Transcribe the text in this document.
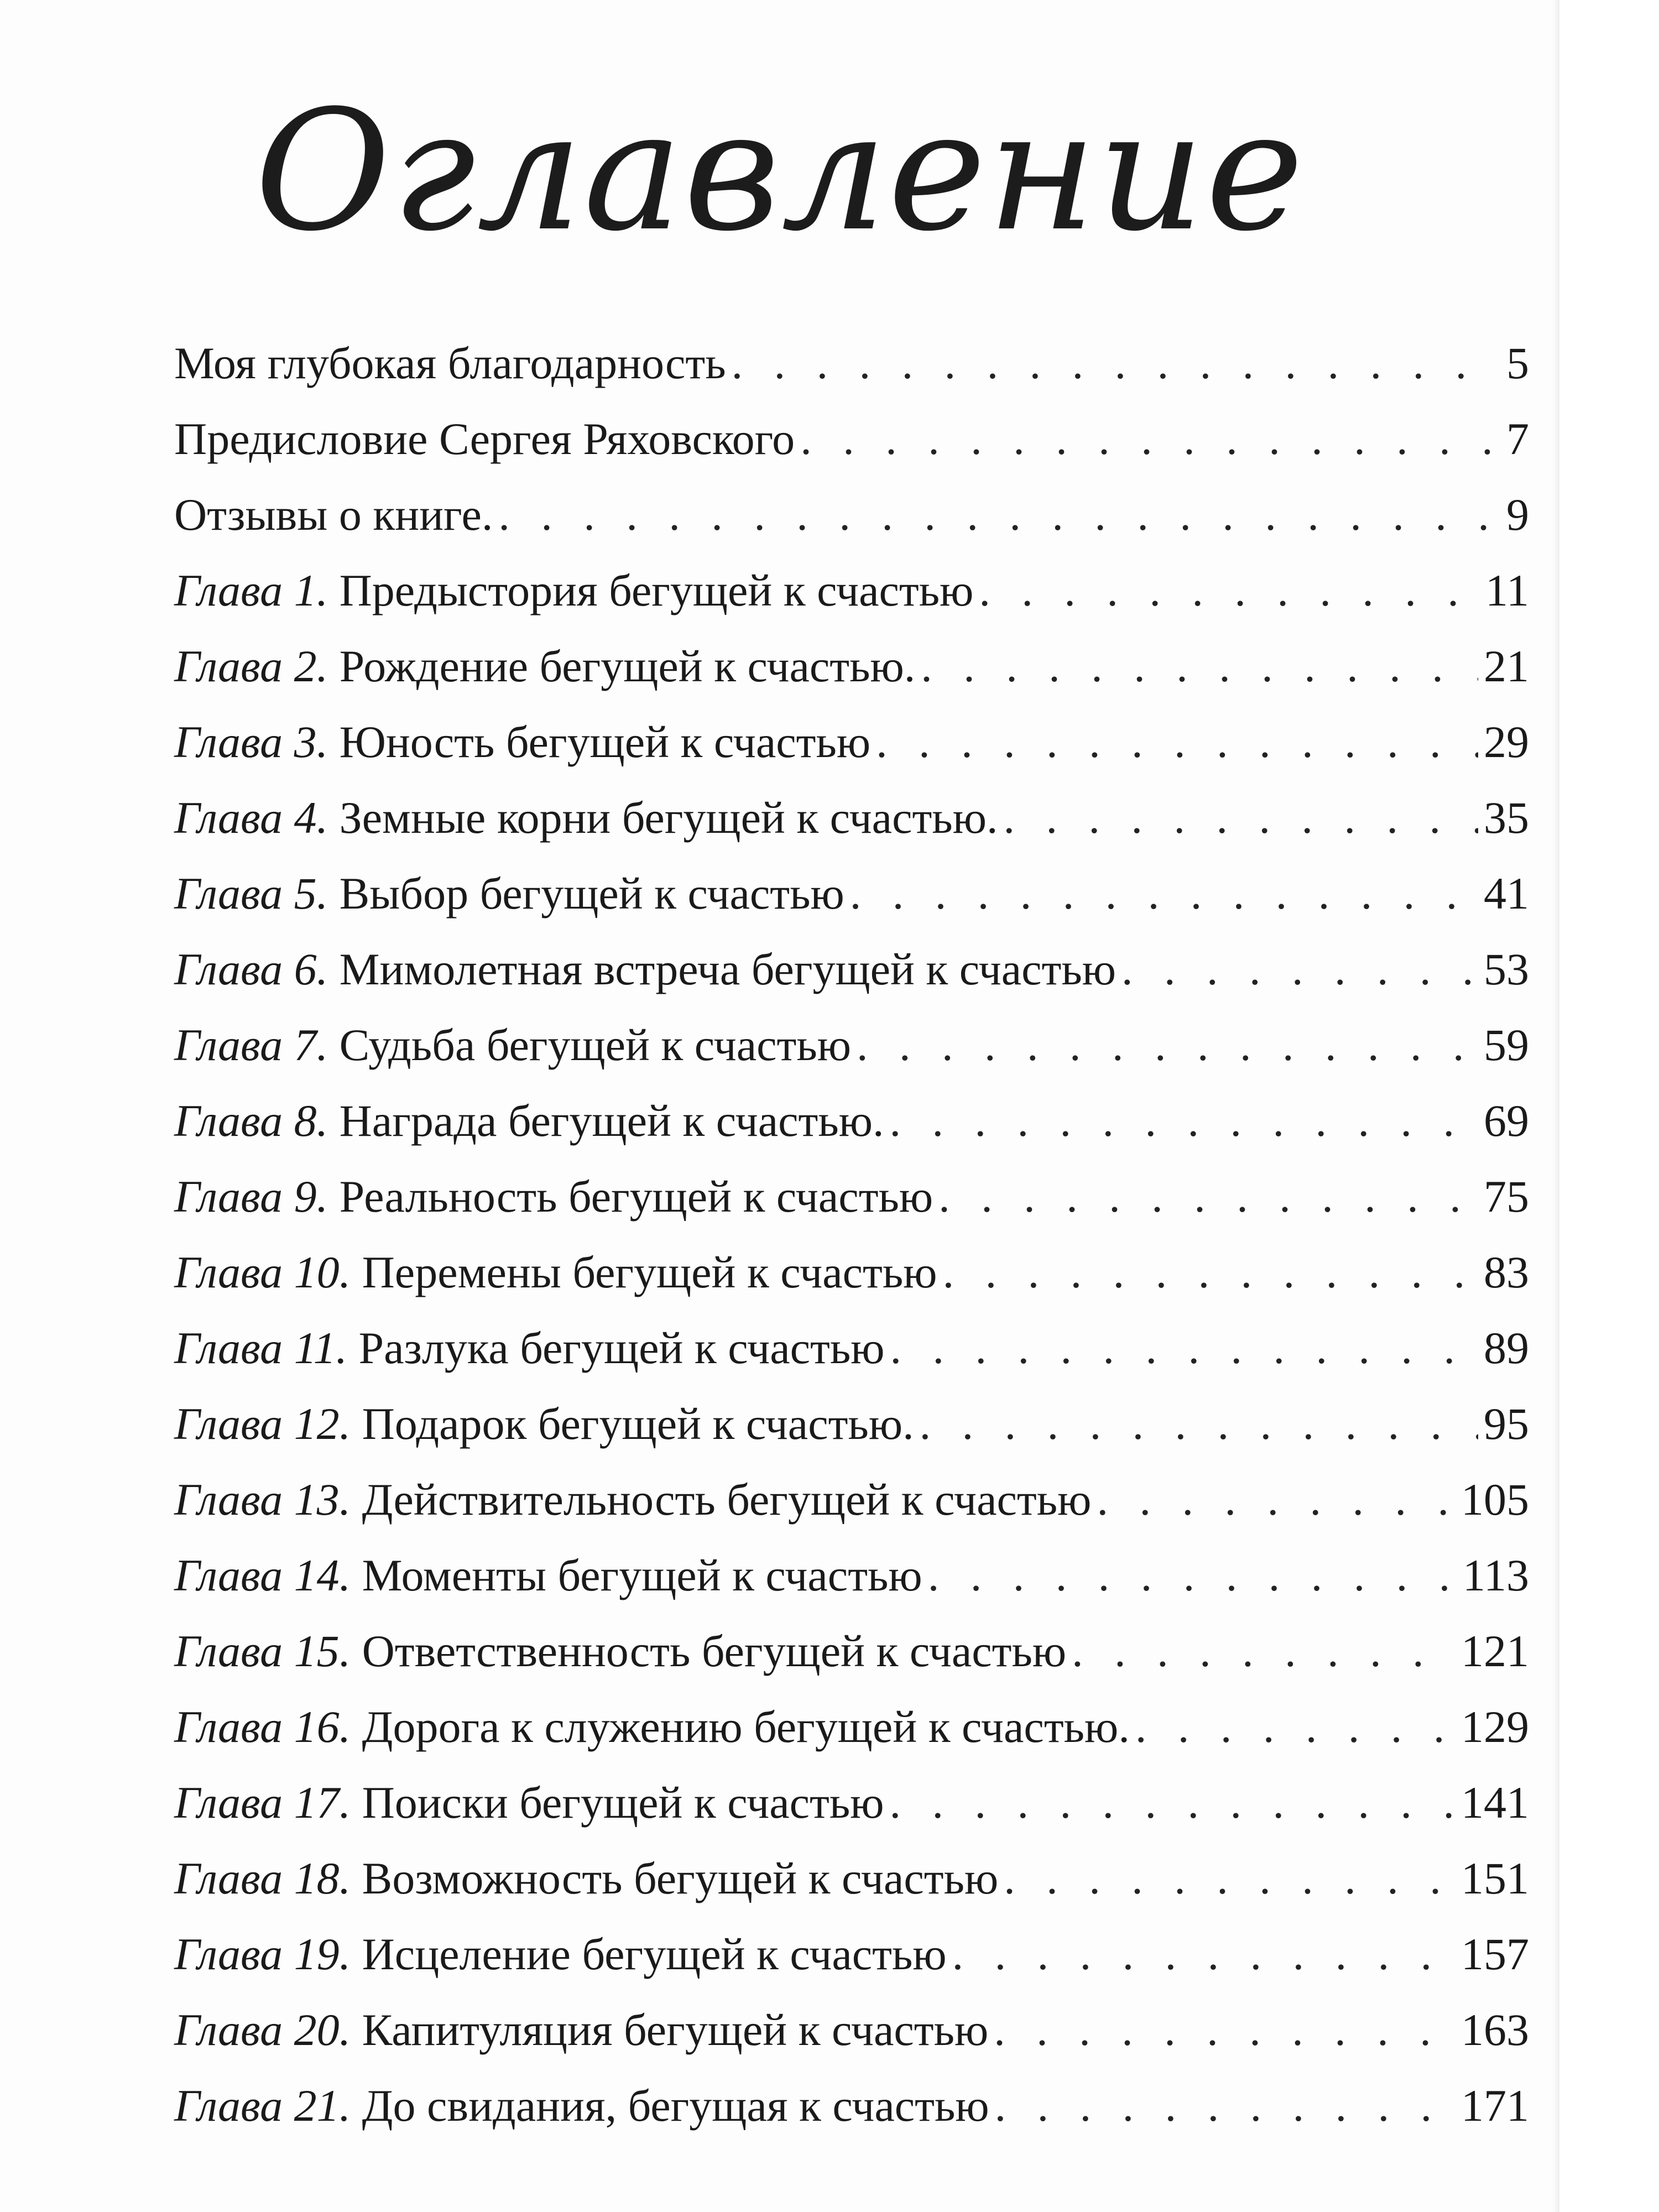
Оглавление
Моя глубокая благодарность . . .	5
Предисловие Сергея Ряховского . . .	7
Отзывы о книге. . . .	9
Глава 1. Предыстория бегущей к счастью . . .	11
Глава 2. Рождение бегущей к счастью. . . .	21
Глава 3. Юность бегущей к счастью . . .	29
Глава 4. Земные корни бегущей к счастью. . . .	35
Глава 5. Выбор бегущей к счастью . . .	41
Глава 6. Мимолетная встреча бегущей к счастью . . .	53
Глава 7. Судьба бегущей к счастью . . .	59
Глава 8. Награда бегущей к счастью. . . .	69
Глава 9. Реальность бегущей к счастью . . .	75
Глава 10. Перемены бегущей к счастью . . .	83
Глава 11. Разлука бегущей к счастью . . .	89
Глава 12. Подарок бегущей к счастью. . . .	95
Глава 13. Действительность бегущей к счастью . . .	105
Глава 14. Моменты бегущей к счастью . . .	113
Глава 15. Ответственность бегущей к счастью . . .	121
Глава 16. Дорога к служению бегущей к счастью. . . .	129
Глава 17. Поиски бегущей к счастью . . .	141
Глава 18. Возможность бегущей к счастью . . .	151
Глава 19. Исцеление бегущей к счастью . . .	157
Глава 20. Капитуляция бегущей к счастью . . .	163
Глава 21. До свидания, бегущая к счастью . . .	171
